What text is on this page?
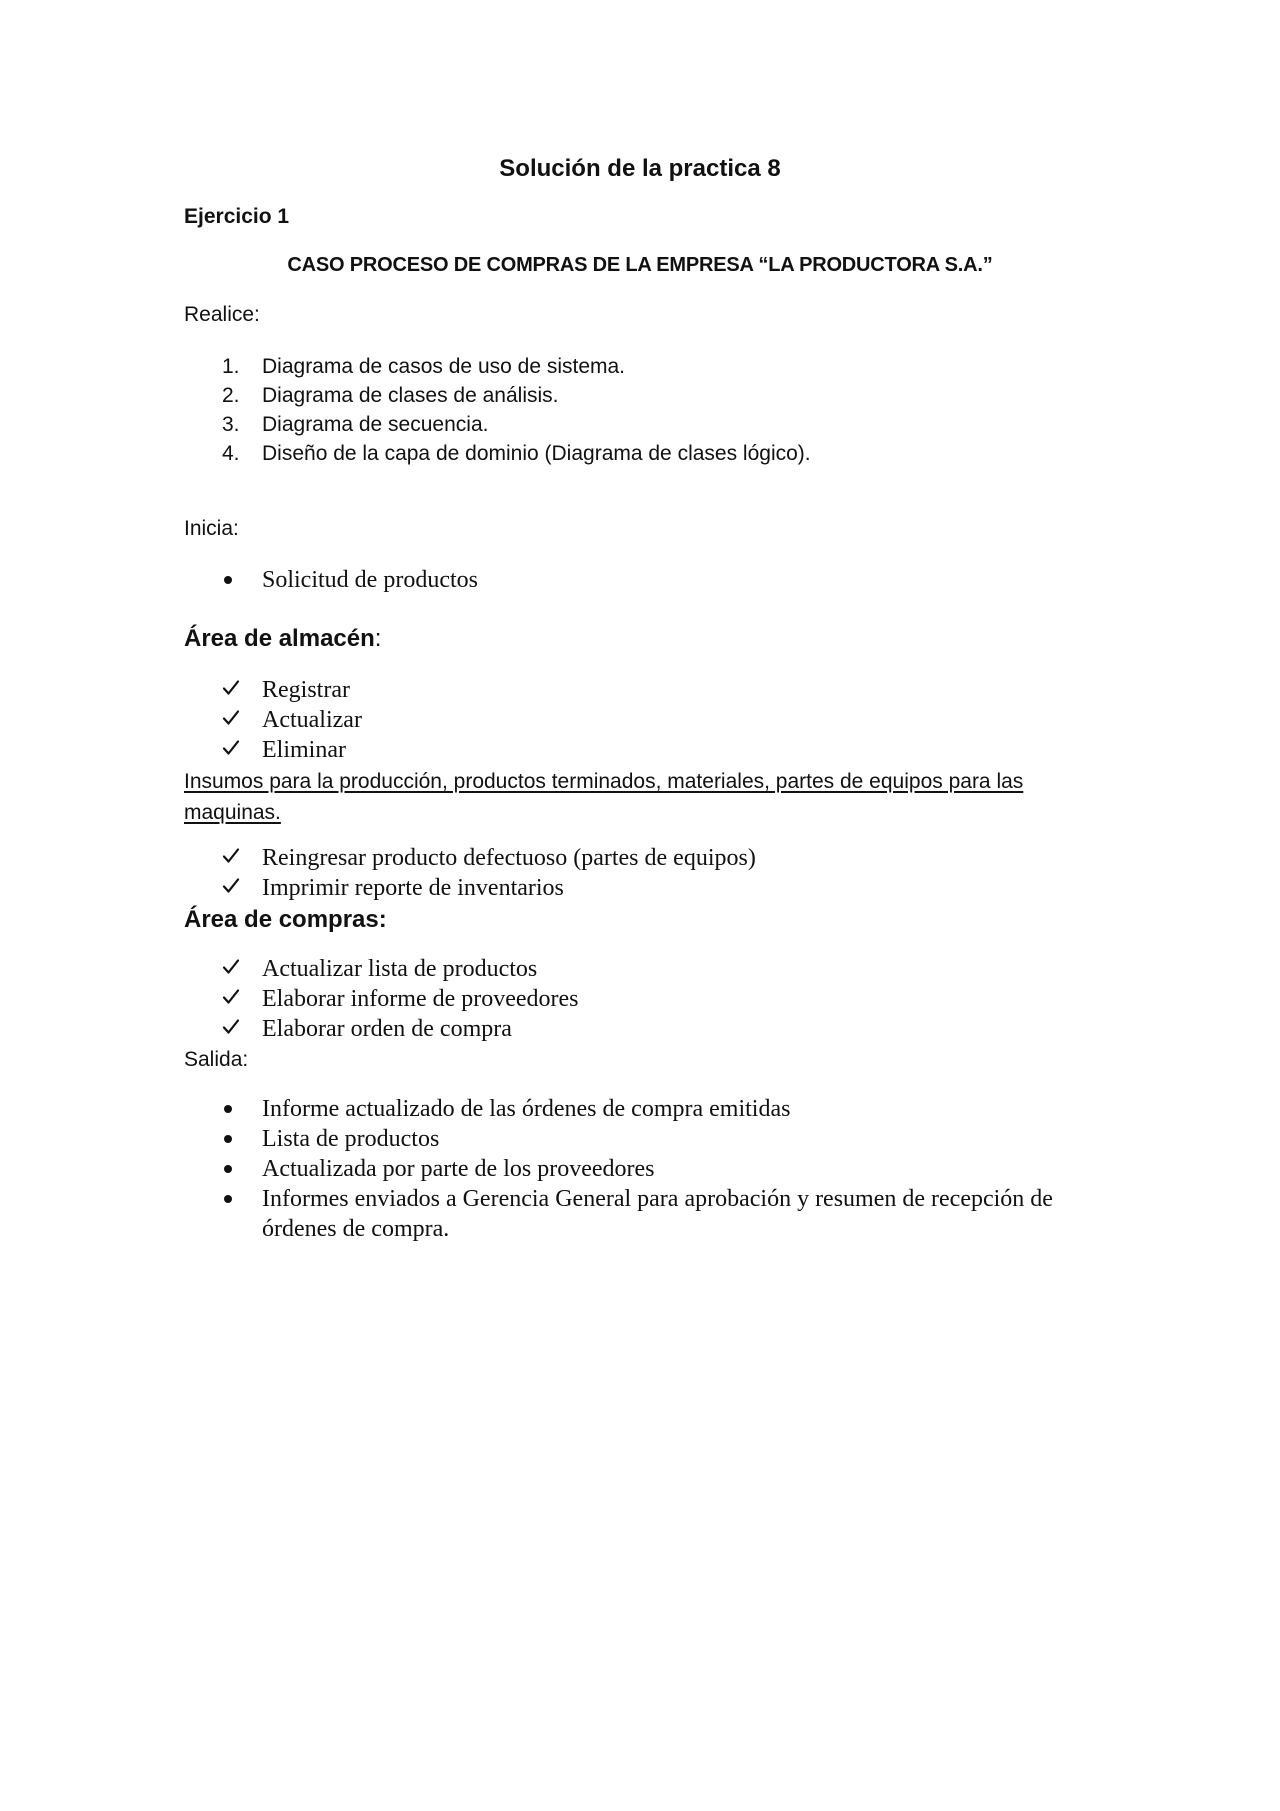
Solución de la practica 8
Ejercicio 1
CASO PROCESO DE COMPRAS DE LA EMPRESA “LA PRODUCTORA S.A.”
Realice:
1.	Diagrama de casos de uso de sistema.
2.	Diagrama de clases de análisis.
3.	Diagrama de secuencia.
4.	Diseño de la capa de dominio (Diagrama de clases lógico).
Inicia:
Solicitud de productos
Área de almacén:
Registrar
Actualizar
Eliminar
Insumos para la producción, productos terminados, materiales, partes de equipos para las maquinas.
Reingresar producto defectuoso (partes de equipos)
Imprimir reporte de inventarios
Área de compras:
Actualizar lista de productos
Elaborar informe de proveedores
Elaborar orden de compra
Salida:
Informe actualizado de las órdenes de compra emitidas
Lista de productos
Actualizada por parte de los proveedores
Informes enviados a Gerencia General para aprobación y resumen de recepción de órdenes de compra.
